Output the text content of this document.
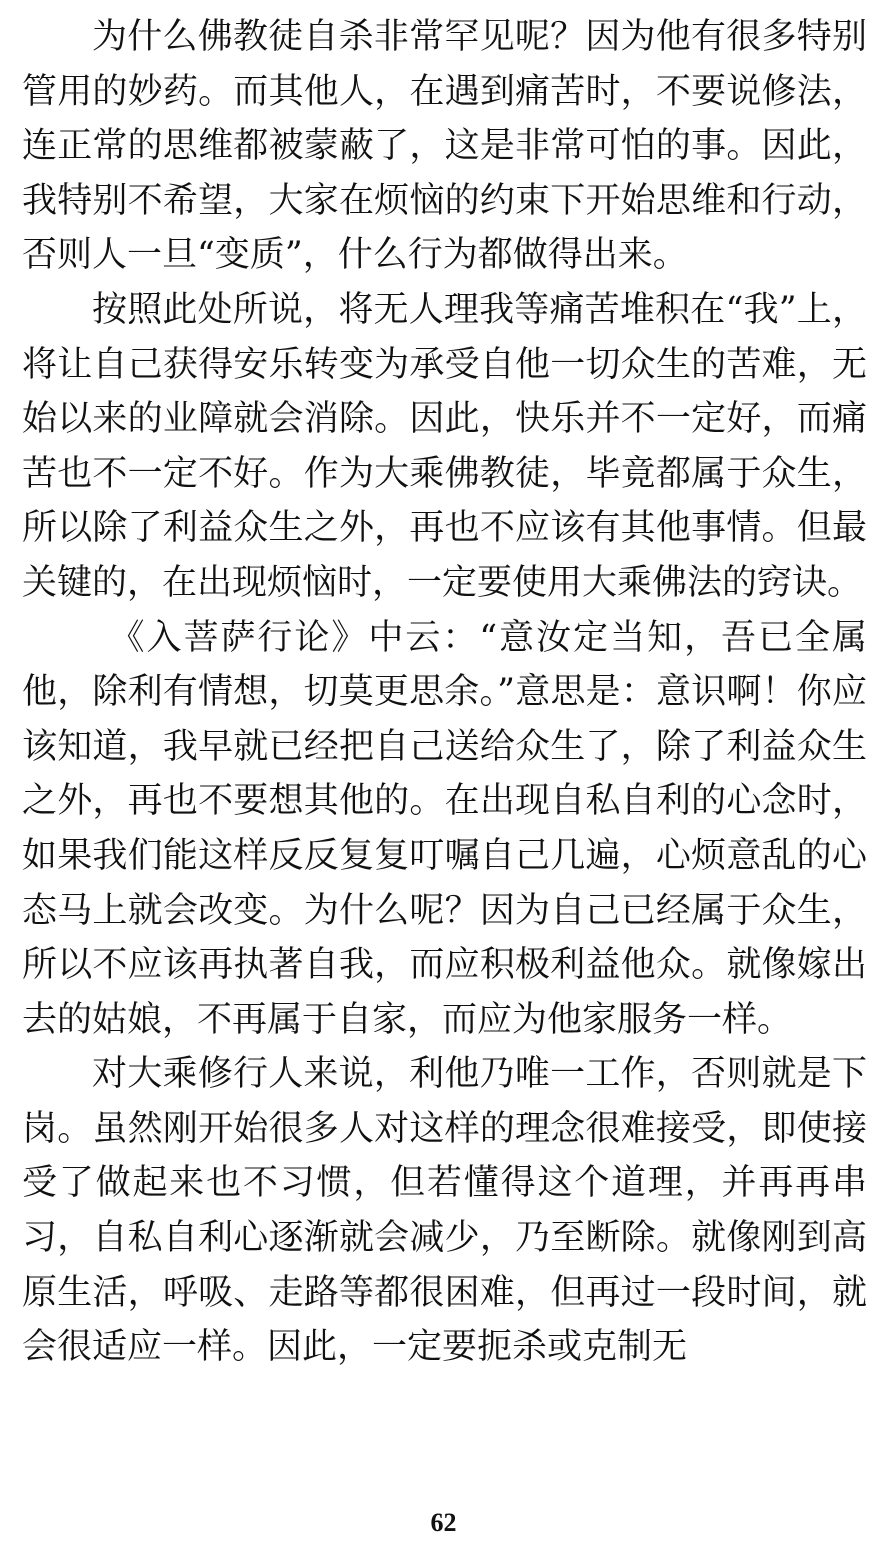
为什么佛教徒自杀非常罕见呢？因为他有很多特别管用的妙药。而其他人，在遇到痛苦时，不要说修法，连正常的思维都被蒙蔽了，这是非常可怕的事。因此，我特别不希望，大家在烦恼的约束下开始思维和行动，否则人一旦“变质”，什么行为都做得出来。

按照此处所说，将无人理我等痛苦堆积在“我”上，将让自己获得安乐转变为承受自他一切众生的苦难，无始以来的业障就会消除。因此，快乐并不一定好，而痛苦也不一定不好。作为大乘佛教徒，毕竟都属于众生，所以除了利益众生之外，再也不应该有其他事情。但最关键的，在出现烦恼时，一定要使用大乘佛法的窍诀。

《入菩萨行论》中云：“意汝定当知，吾已全属他，除利有情想，切莫更思余。”意思是：意识啊！你应该知道，我早就已经把自己送给众生了，除了利益众生之外，再也不要想其他的。在出现自私自利的心念时，如果我们能这样反反复复叮嘱自己几遍，心烦意乱的心态马上就会改变。为什么呢？因为自己已经属于众生，所以不应该再执著自我，而应积极利益他众。就像嫁出去的姑娘，不再属于自家，而应为他家服务一样。

对大乘修行人来说，利他乃唯一工作，否则就是下岗。虽然刚开始很多人对这样的理念很难接受，即使接受了做起来也不习惯，但若懂得这个道理，并再再串习，自私自利心逐渐就会减少，乃至断除。就像刚到高原生活，呼吸、走路等都很困难，但再过一段时间，就会很适应一样。因此，一定要扼杀或克制无

62
